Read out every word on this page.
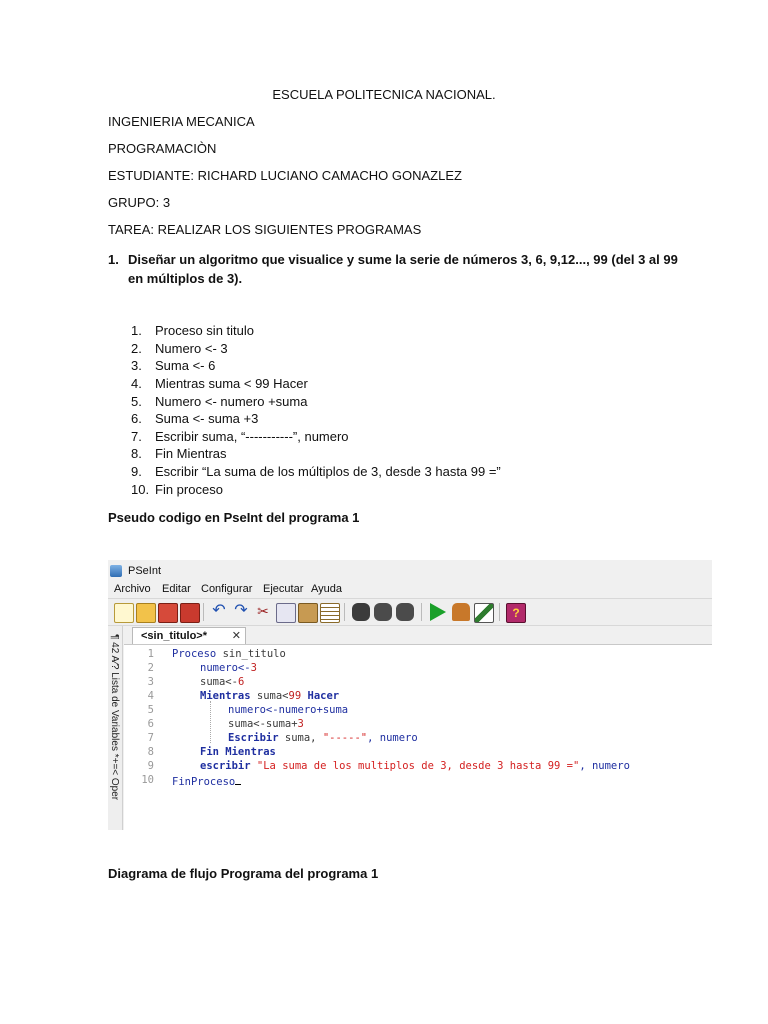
ESCUELA POLITECNICA NACIONAL.
INGENIERIA MECANICA
PROGRAMACIÒN
ESTUDIANTE: RICHARD LUCIANO CAMACHO GONAZLEZ
GRUPO: 3
TAREA: REALIZAR LOS SIGUIENTES PROGRAMAS
1. Diseñar un algoritmo que visualice y sume la serie de números 3, 6, 9,12..., 99 (del 3 al 99
en múltiplos de 3).
1. Proceso sin titulo
2. Numero <- 3
3. Suma <- 6
4. Mientras suma < 99 Hacer
5. Numero <- numero +suma
6. Suma <- suma +3
7. Escribir suma, “-----------”, numero
8. Fin Mientras
9. Escribir “La suma de los múltiplos de 3, desde 3 hasta 99 =”
10. Fin proceso
Pseudo codigo en PseInt del programa 1
PSeInt
Archivo Editar Configurar Ejecutar Ayuda
↶ ↷ ✂	?
¶ 42 A⁄? Lista de Variables *+=< Oper
<sin_titulo>* ✕
1 Proceso sin_titulo
2	numero<-3
3	suma<-6
4	Mientras suma<99 Hacer
5	numero<-numero+suma
6	suma<-suma+3
7	Escribir suma, "-----", numero
8	Fin Mientras
9	escribir "La suma de los multiplos de 3, desde 3 hasta 99 =", numero
10 FinProceso
Diagrama de flujo Programa del programa 1
